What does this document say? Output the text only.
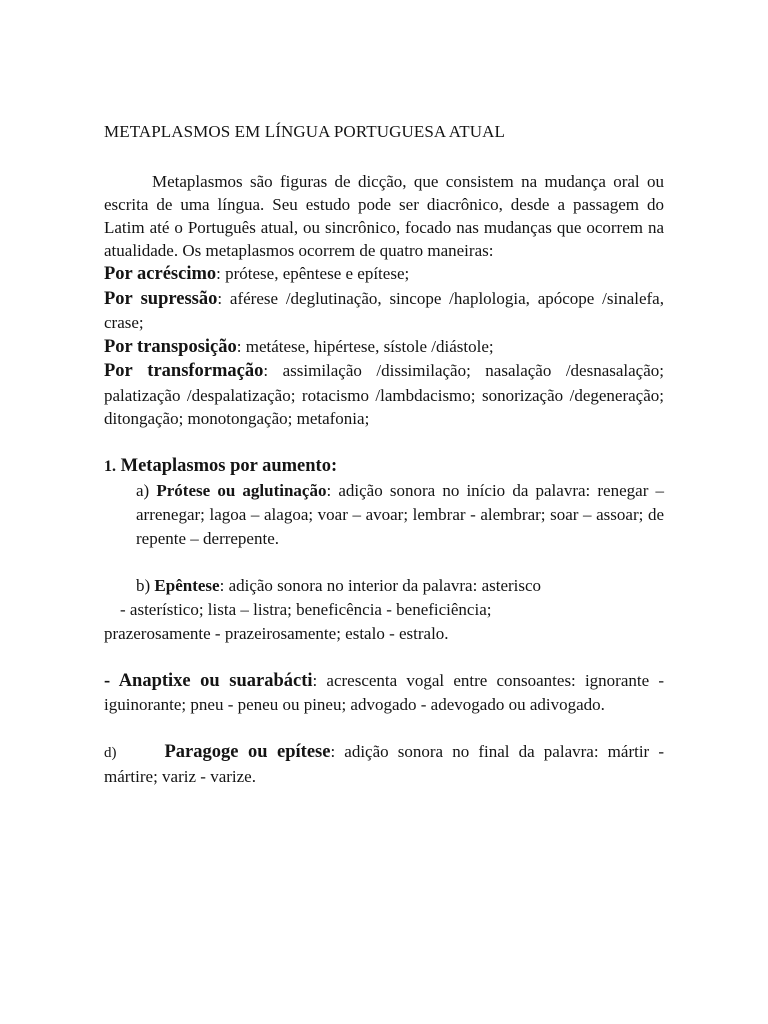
METAPLASMOS EM LÍNGUA PORTUGUESA ATUAL

Metaplasmos são figuras de dicção, que consistem na mudança oral ou escrita de uma língua. Seu estudo pode ser diacrônico, desde a passagem do Latim até o Português atual, ou sincrônico, focado nas mudanças que ocorrem na atualidade. Os metaplasmos ocorrem de quatro maneiras:

Por acréscimo: prótese, epêntese e epítese;

Por supressão: aférese /deglutinação, sincope /haplologia, apócope /sinalefa, crase;

Por transposição: metátese, hipértese, sístole /diástole;

Por transformação: assimilação /dissimilação; nasalação /desnasalação; palatização /despalatização; rotacismo /lambdacismo; sonorização /degeneração; ditongação; monotongação; metafonia;

1. Metaplasmos por aumento:

a) Prótese ou aglutinação: adição sonora no início da palavra: renegar – arrenegar; lagoa – alagoa; voar – avoar; lembrar - alembrar; soar – assoar; de repente – derrepente.

b) Epêntese: adição sonora no interior da palavra: asterisco
- asterístico; lista – listra; beneficência - beneficiência;
prazerosamente - prazeirosamente; estalo - estralo.

- Anaptixe ou suarabácti: acrescenta vogal entre consoantes: ignorante - iguinorante; pneu - peneu ou pineu; advogado - adevogado ou adivogado.

d)	Paragoge ou epítese: adição sonora no final da palavra: mártir - mártire; variz - varize.
